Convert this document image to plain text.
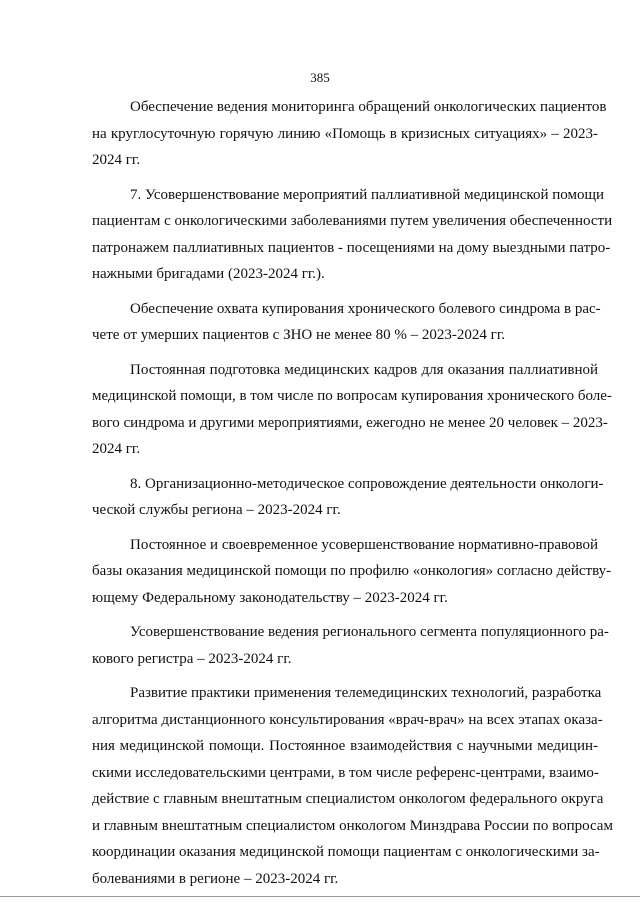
385

Обеспечение ведения мониторинга обращений онкологических пациентов
на круглосуточную горячую линию «Помощь в кризисных ситуациях» – 2023-
2024 гг.

7. Усовершенствование мероприятий паллиативной медицинской помощи
пациентам с онкологическими заболеваниями путем увеличения обеспеченности
патронажем паллиативных пациентов - посещениями на дому выездными патро-
нажными бригадами (2023-2024 гг.).

Обеспечение охвата купирования хронического болевого синдрома в рас-
чете от умерших пациентов с ЗНО не менее 80 % – 2023-2024 гг.

Постоянная подготовка медицинских кадров для оказания паллиативной
медицинской помощи, в том числе по вопросам купирования хронического боле-
вого синдрома и другими мероприятиями, ежегодно не менее 20 человек – 2023-
2024 гг.

8. Организационно-методическое сопровождение деятельности онкологи-
ческой службы региона – 2023-2024 гг.

Постоянное и своевременное усовершенствование нормативно-правовой
базы оказания медицинской помощи по профилю «онкология» согласно действу-
ющему Федеральному законодательству – 2023-2024 гг.

Усовершенствование ведения регионального сегмента популяционного ра-
кового регистра – 2023-2024 гг.

Развитие практики применения телемедицинских технологий, разработка
алгоритма дистанционного консультирования «врач-врач» на всех этапах оказа-
ния медицинской помощи. Постоянное взаимодействия с научными медицин-
скими исследовательскими центрами, в том числе референс-центрами, взаимо-
действие с главным внештатным специалистом онкологом федерального округа
и главным внештатным специалистом онкологом Минздрава России по вопросам
координации оказания медицинской помощи пациентам с онкологическими за-
болеваниями в регионе – 2023-2024 гг.
